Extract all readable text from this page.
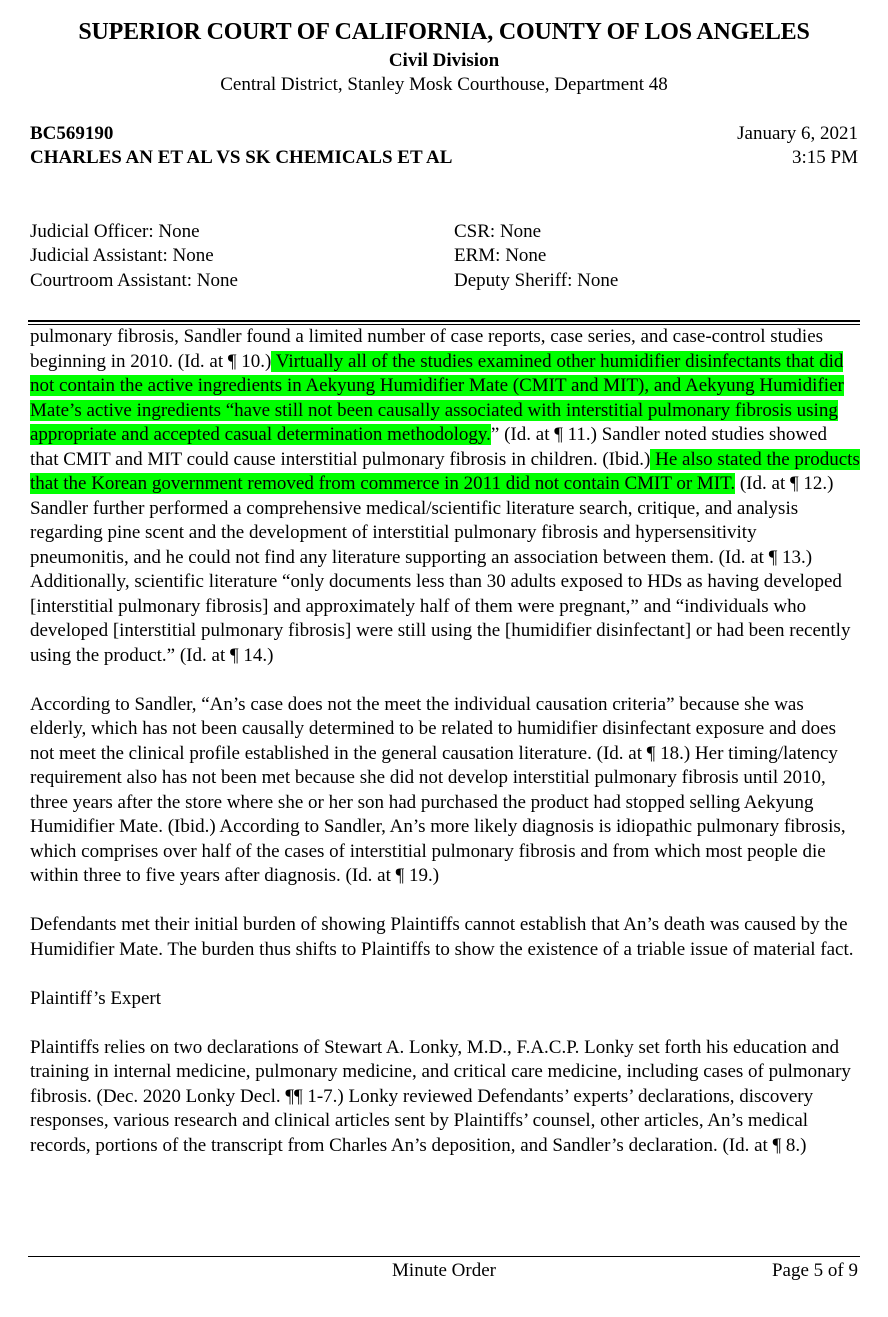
SUPERIOR COURT OF CALIFORNIA, COUNTY OF LOS ANGELES
Civil Division
Central District, Stanley Mosk Courthouse, Department 48
BC569190
CHARLES AN ET AL VS SK CHEMICALS ET AL
January 6, 2021
3:15 PM
Judicial Officer: None
Judicial Assistant: None
Courtroom Assistant: None
CSR: None
ERM: None
Deputy Sheriff: None

pulmonary fibrosis, Sandler found a limited number of case reports, case series, and case-control studies beginning in 2010. (Id. at ¶ 10.) Virtually all of the studies examined other humidifier disinfectants that did not contain the active ingredients in Aekyung Humidifier Mate (CMIT and MIT), and Aekyung Humidifier Mate’s active ingredients “have still not been causally associated with interstitial pulmonary fibrosis using appropriate and accepted casual determination methodology.” (Id. at ¶ 11.) Sandler noted studies showed that CMIT and MIT could cause interstitial pulmonary fibrosis in children. (Ibid.) He also stated the products that the Korean government removed from commerce in 2011 did not contain CMIT or MIT. (Id. at ¶ 12.) Sandler further performed a comprehensive medical/scientific literature search, critique, and analysis regarding pine scent and the development of interstitial pulmonary fibrosis and hypersensitivity pneumonitis, and he could not find any literature supporting an association between them. (Id. at ¶ 13.) Additionally, scientific literature “only documents less than 30 adults exposed to HDs as having developed [interstitial pulmonary fibrosis] and approximately half of them were pregnant,” and “individuals who developed [interstitial pulmonary fibrosis] were still using the [humidifier disinfectant] or had been recently using the product.” (Id. at ¶ 14.)

According to Sandler, “An’s case does not the meet the individual causation criteria” because she was elderly, which has not been causally determined to be related to humidifier disinfectant exposure and does not meet the clinical profile established in the general causation literature. (Id. at ¶ 18.) Her timing/latency requirement also has not been met because she did not develop interstitial pulmonary fibrosis until 2010, three years after the store where she or her son had purchased the product had stopped selling Aekyung Humidifier Mate. (Ibid.) According to Sandler, An’s more likely diagnosis is idiopathic pulmonary fibrosis, which comprises over half of the cases of interstitial pulmonary fibrosis and from which most people die within three to five years after diagnosis. (Id. at ¶ 19.)

Defendants met their initial burden of showing Plaintiffs cannot establish that An’s death was caused by the Humidifier Mate. The burden thus shifts to Plaintiffs to show the existence of a triable issue of material fact.

Plaintiff’s Expert

Plaintiffs relies on two declarations of Stewart A. Lonky, M.D., F.A.C.P. Lonky set forth his education and training in internal medicine, pulmonary medicine, and critical care medicine, including cases of pulmonary fibrosis. (Dec. 2020 Lonky Decl. ¶¶ 1-7.) Lonky reviewed Defendants’ experts’ declarations, discovery responses, various research and clinical articles sent by Plaintiffs’ counsel, other articles, An’s medical records, portions of the transcript from Charles An’s deposition, and Sandler’s declaration. (Id. at ¶ 8.)

Minute Order	Page 5 of 9
